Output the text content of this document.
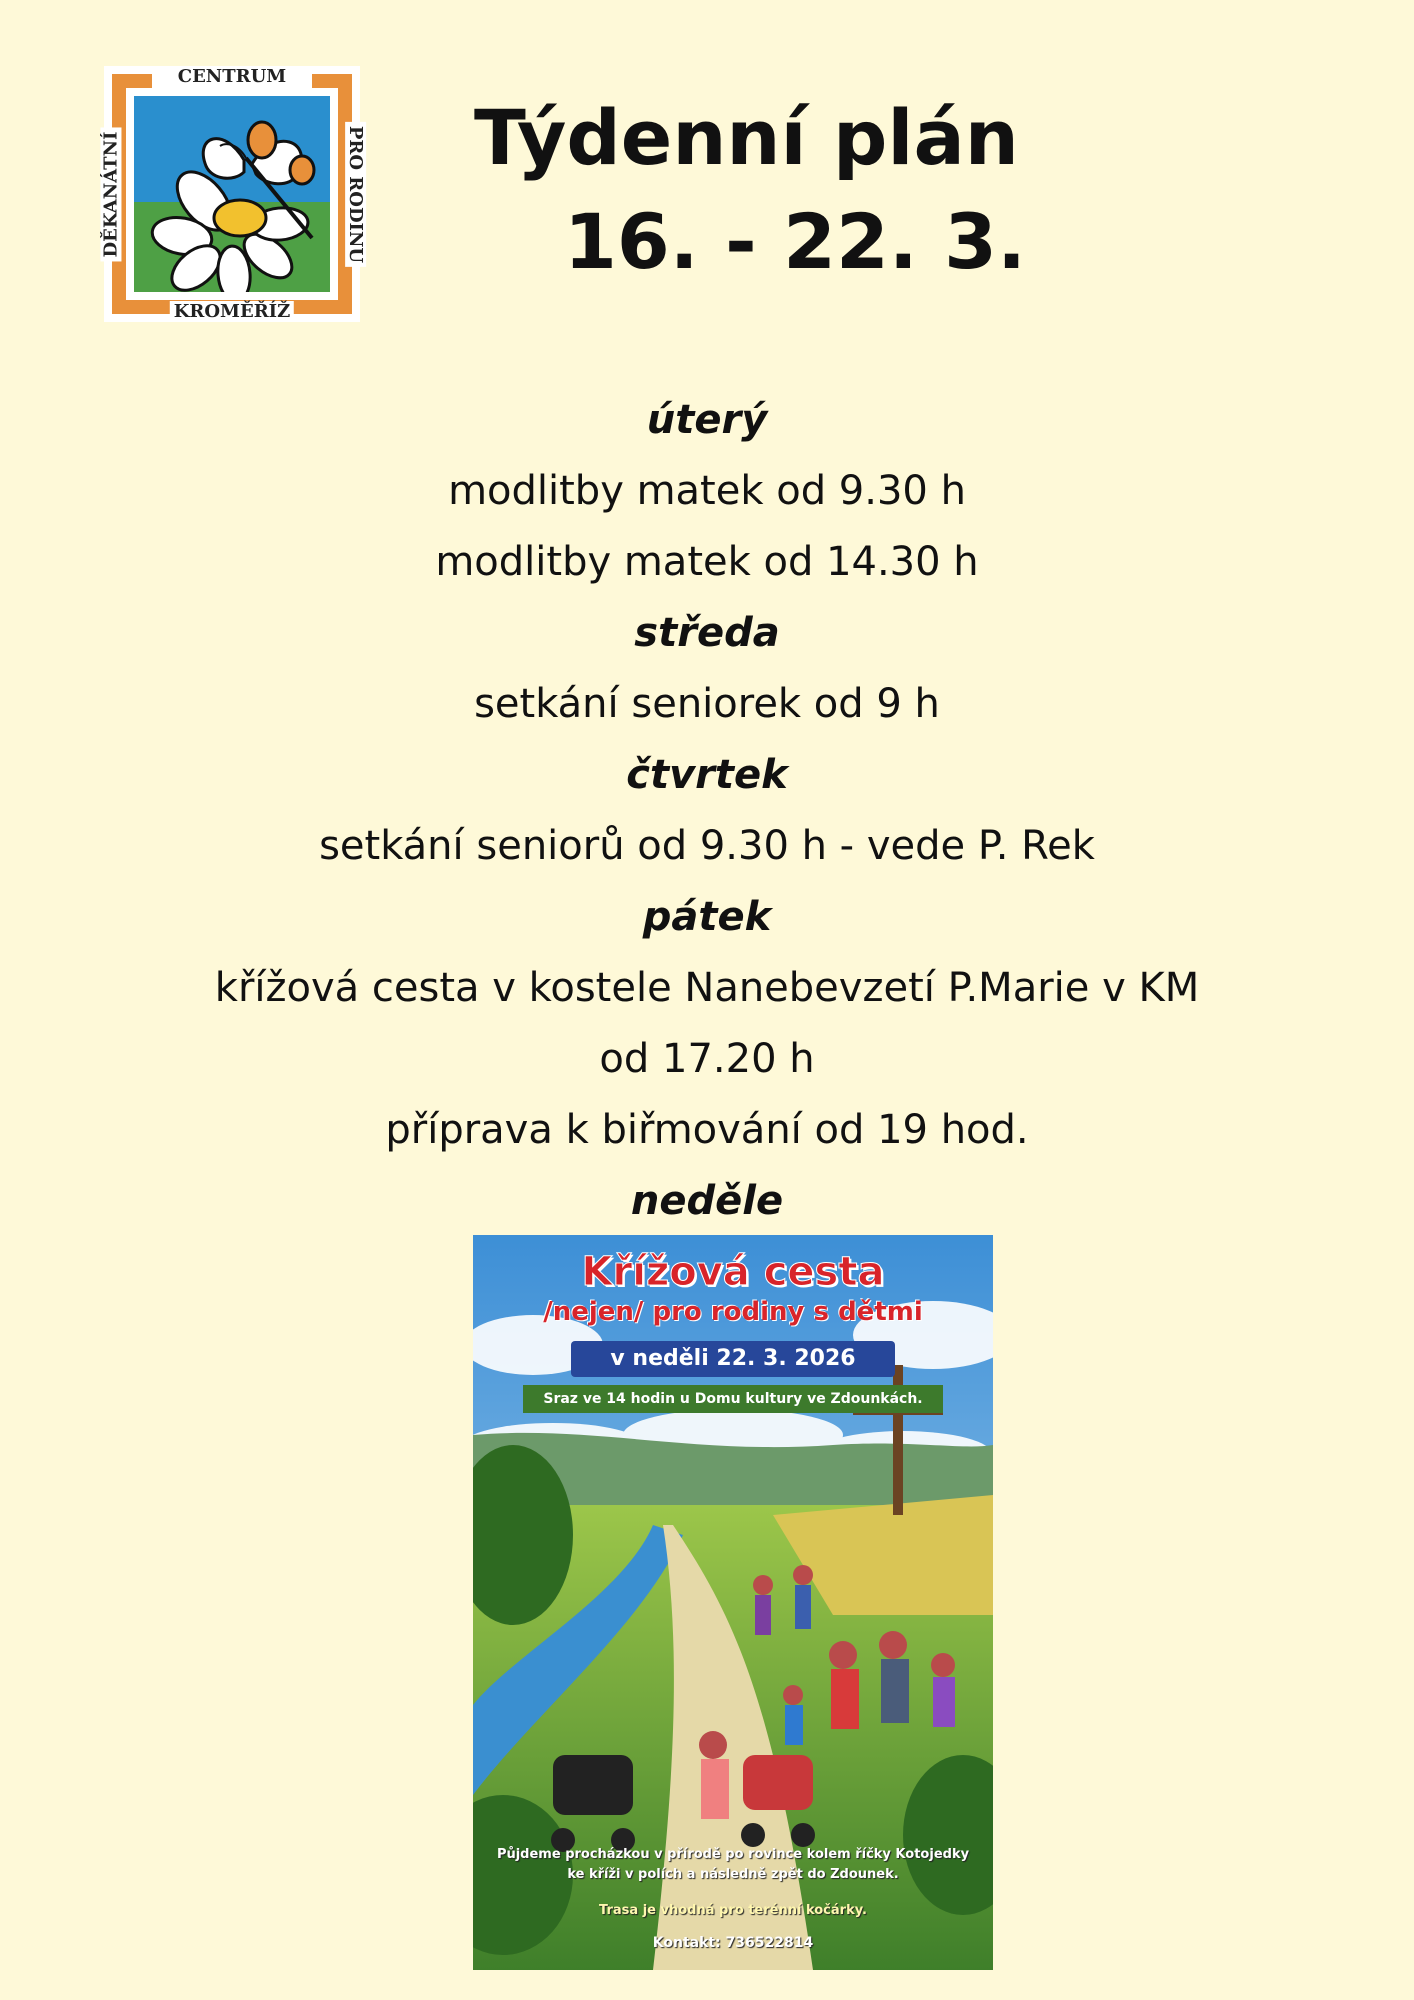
CENTRUM
KROMĚŘÍŽ
DĚKANÁTNÍ	PRO RODINU	Týdenní plán
16. - 22. 3.
úterý
modlitby matek od 9.30 h
modlitby matek od 14.30 h
středa
setkání seniorek od 9 h
čtvrtek
setkání seniorů od 9.30 h - vede P. Rek
pátek
křížová cesta v kostele Nanebevzetí P.Marie v KM
od 17.20 h
příprava k biřmování od 19 hod.
neděle
Křížová cesta
/nejen/ pro rodiny s dětmi
v neděli 22. 3. 2026
Sraz ve 14 hodin u Domu kultury ve Zdounkách.
Půjdeme procházkou v přírodě po rovince kolem říčky Kotojedky
ke kříži v polích a následně zpět do Zdounek.
Trasa je vhodná pro terénní kočárky.
Kontakt: 736522814
